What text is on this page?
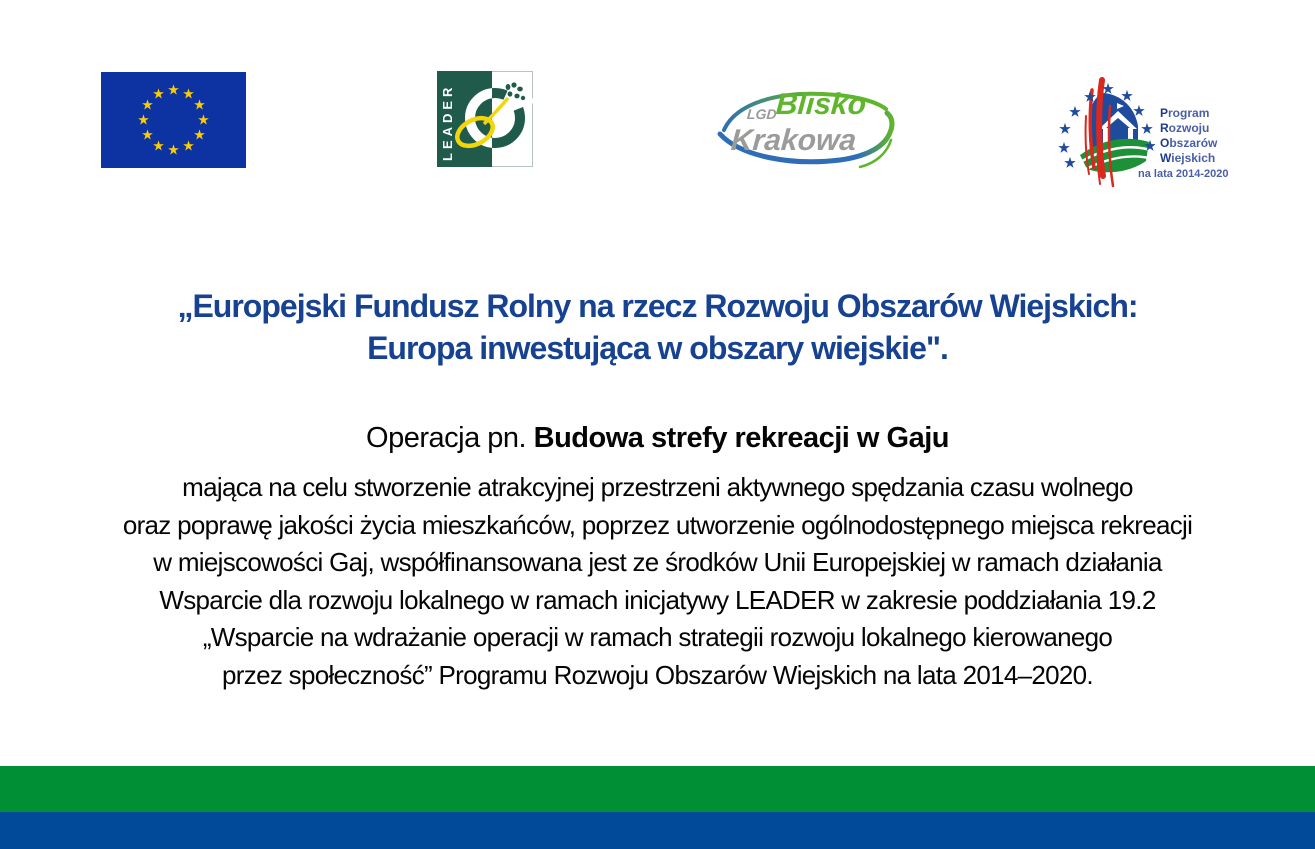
LEADER	LGD
Blisko
Krakowa
Program
Rozwoju
Obszarów
Wiejskich
na lata 2014-2020
„Europejski Fundusz Rolny na rzecz Rozwoju Obszarów Wiejskich:
Europa inwestująca w obszary wiejskie".
Operacja pn. Budowa strefy rekreacji w Gaju
mająca na celu stworzenie atrakcyjnej przestrzeni aktywnego spędzania czasu wolnego
oraz poprawę jakości życia mieszkańców, poprzez utworzenie ogólnodostępnego miejsca rekreacji
w miejscowości Gaj, współfinansowana jest ze środków Unii Europejskiej w ramach działania
Wsparcie dla rozwoju lokalnego w ramach inicjatywy LEADER w zakresie poddziałania 19.2
„Wsparcie na wdrażanie operacji w ramach strategii rozwoju lokalnego kierowanego
przez społeczność” Programu Rozwoju Obszarów Wiejskich na lata 2014–2020.
